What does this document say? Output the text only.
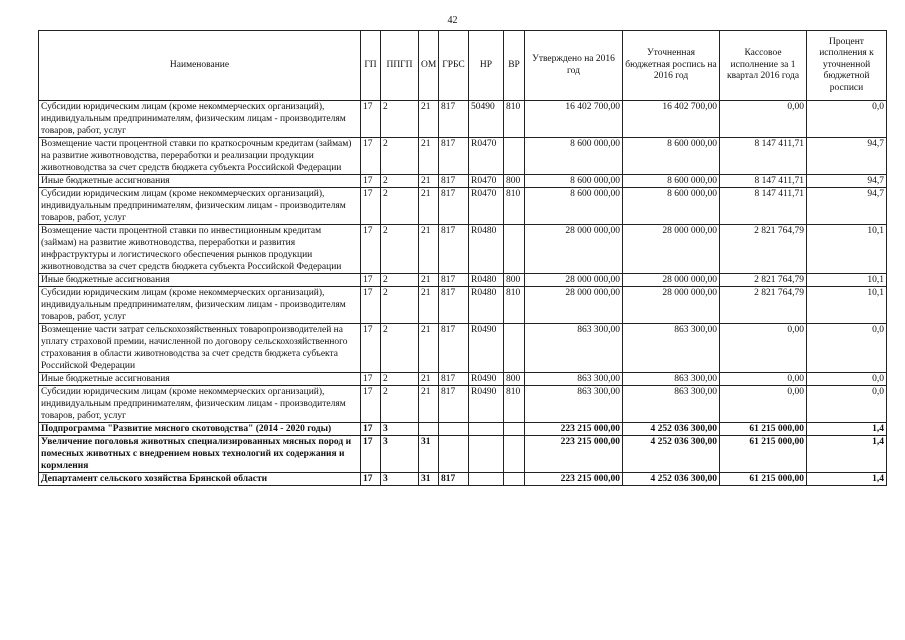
42
Наименование	ГП	ППГП	ОМ	ГРБС	НР	ВР	Утверждено на 2016 год	Уточненная бюджетная роспись на 2016 год	Кассовое исполнение за 1 квартал 2016 года	Процент исполнения к уточненной бюджетной росписи
Субсидии юридическим лицам (кроме некоммерческих организаций), индивидуальным предпринимателям, физическим лицам - производителям товаров, работ, услуг	17	2	21	817	50490	810	16 402 700,00	16 402 700,00	0,00	0,0
Возмещение части процентной ставки по краткосрочным кредитам (займам) на развитие животноводства, переработки и реализации продукции животноводства за счет средств бюджета субъекта Российской Федерации	17	2	21	817	R0470		8 600 000,00	8 600 000,00	8 147 411,71	94,7
Иные бюджетные ассигнования	17	2	21	817	R0470	800	8 600 000,00	8 600 000,00	8 147 411,71	94,7
Субсидии юридическим лицам (кроме некоммерческих организаций), индивидуальным предпринимателям, физическим лицам - производителям товаров, работ, услуг	17	2	21	817	R0470	810	8 600 000,00	8 600 000,00	8 147 411,71	94,7
Возмещение части процентной ставки по инвестиционным кредитам (займам) на развитие животноводства, переработки и развития инфраструктуры и логистического обеспечения рынков продукции животноводства за счет средств бюджета субъекта Российской Федерации	17	2	21	817	R0480		28 000 000,00	28 000 000,00	2 821 764,79	10,1
Иные бюджетные ассигнования	17	2	21	817	R0480	800	28 000 000,00	28 000 000,00	2 821 764,79	10,1
Субсидии юридическим лицам (кроме некоммерческих организаций), индивидуальным предпринимателям, физическим лицам - производителям товаров, работ, услуг	17	2	21	817	R0480	810	28 000 000,00	28 000 000,00	2 821 764,79	10,1
Возмещение части затрат сельскохозяйственных товаропроизводителей на уплату страховой премии, начисленной по договору сельскохозяйственного страхования в области животноводства за счет средств бюджета субъекта Российской Федерации	17	2	21	817	R0490		863 300,00	863 300,00	0,00	0,0
Иные бюджетные ассигнования	17	2	21	817	R0490	800	863 300,00	863 300,00	0,00	0,0
Субсидии юридическим лицам (кроме некоммерческих организаций), индивидуальным предпринимателям, физическим лицам - производителям товаров, работ, услуг	17	2	21	817	R0490	810	863 300,00	863 300,00	0,00	0,0
Подпрограмма "Развитие мясного скотоводства" (2014 - 2020 годы)	17	3					223 215 000,00	4 252 036 300,00	61 215 000,00	1,4
Увеличение поголовья животных специализированных мясных пород и помесных животных с внедрением новых технологий их содержания и кормления	17	3	31				223 215 000,00	4 252 036 300,00	61 215 000,00	1,4
Департамент сельского хозяйства Брянской области	17	3	31	817			223 215 000,00	4 252 036 300,00	61 215 000,00	1,4
